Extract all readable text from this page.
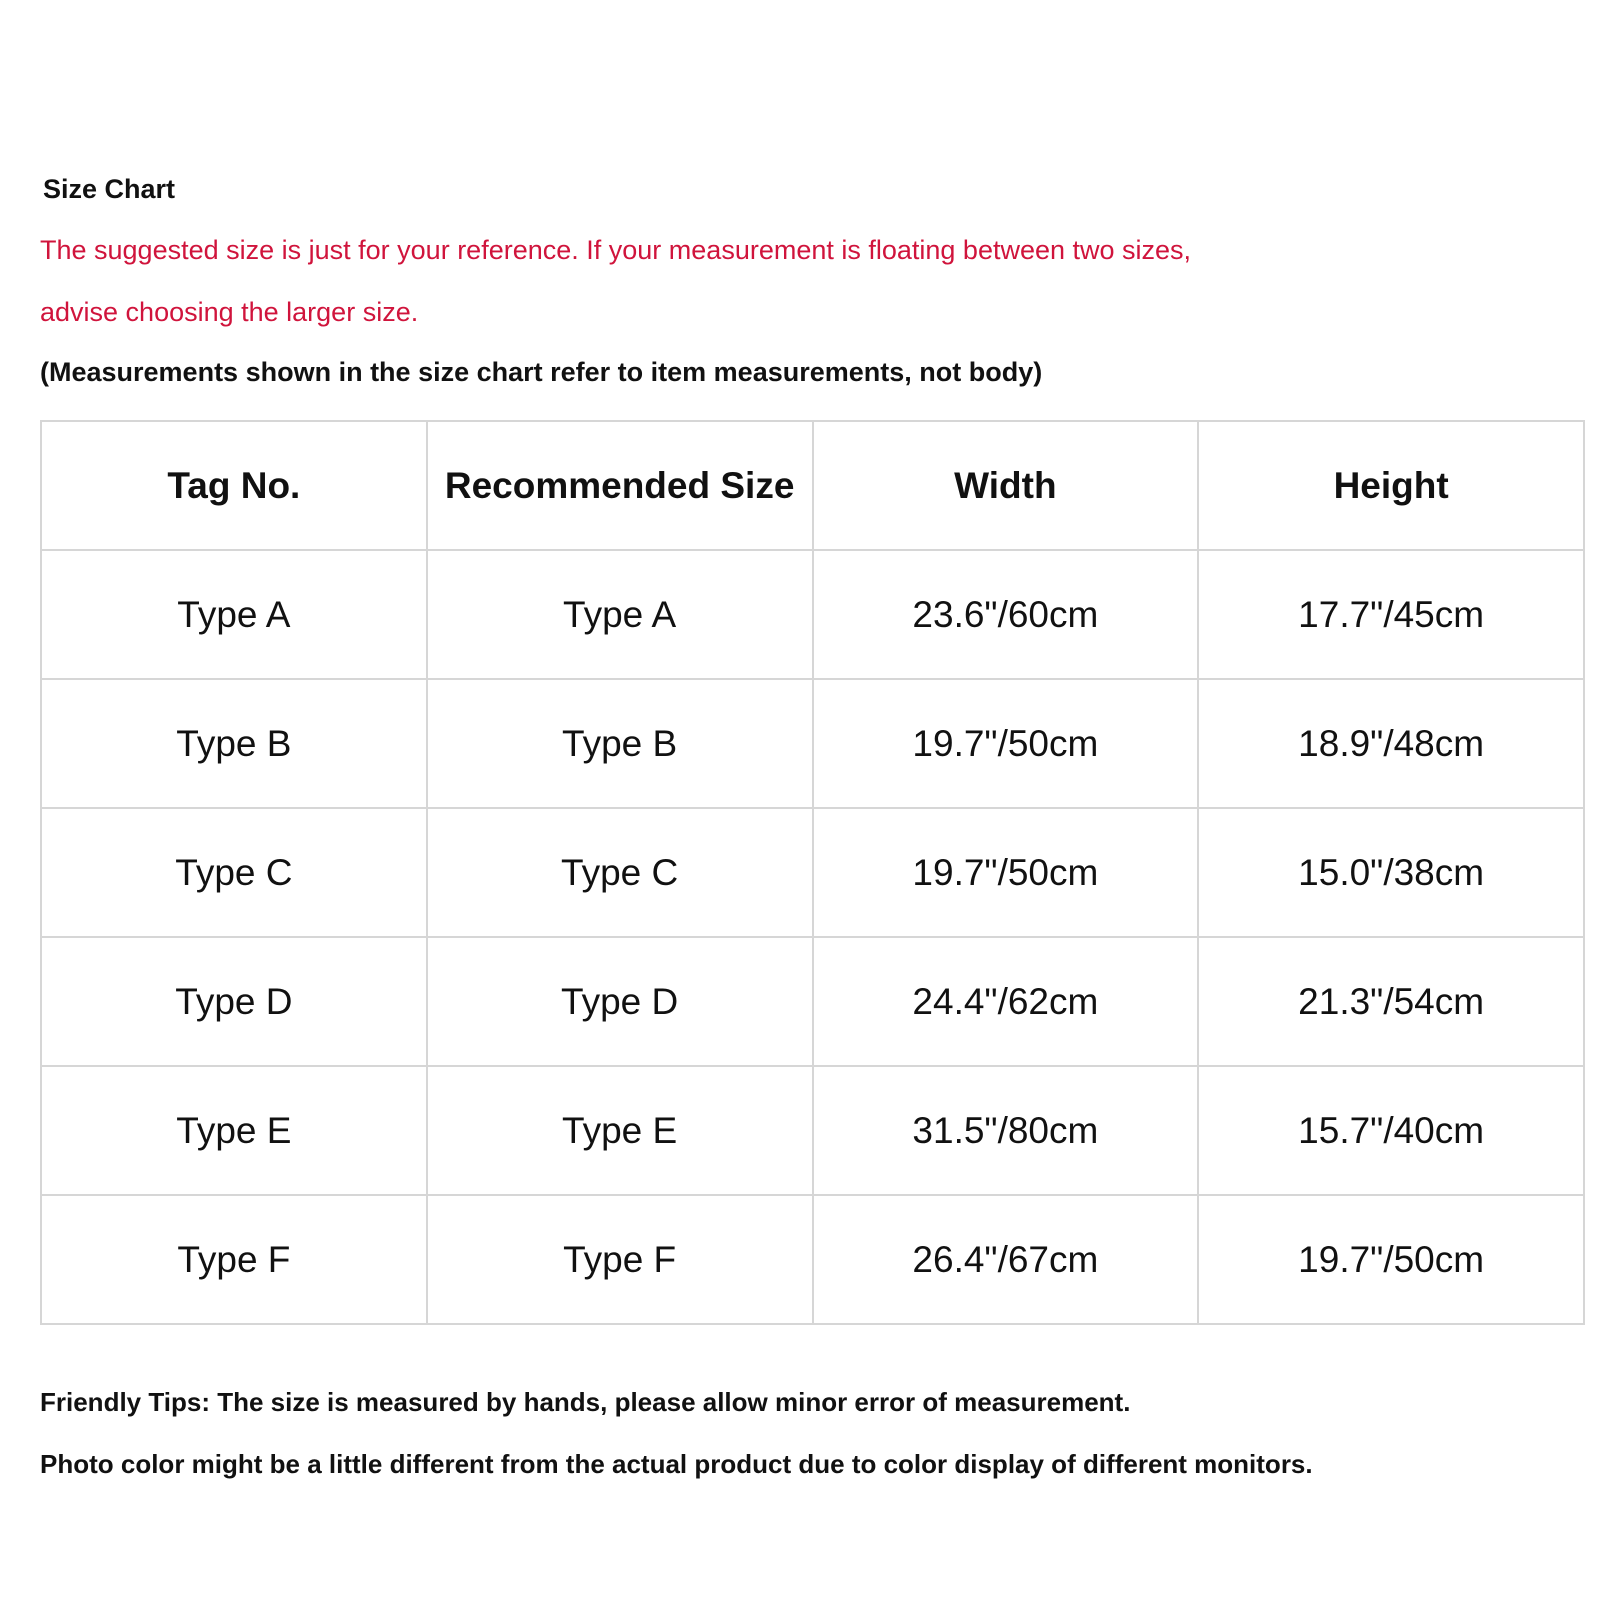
Size Chart
The suggested size is just for your reference. If your measurement is floating between two sizes,
advise choosing the larger size.
(Measurements shown in the size chart refer to item measurements, not body)
Tag No.	Recommended Size	Width	Height
Type A	Type A	23.6"/60cm	17.7"/45cm
Type B	Type B	19.7"/50cm	18.9"/48cm
Type C	Type C	19.7"/50cm	15.0"/38cm
Type D	Type D	24.4"/62cm	21.3"/54cm
Type E	Type E	31.5"/80cm	15.7"/40cm
Type F	Type F	26.4"/67cm	19.7"/50cm
Friendly Tips: The size is measured by hands, please allow minor error of measurement.
Photo color might be a little different from the actual product due to color display of different monitors.
